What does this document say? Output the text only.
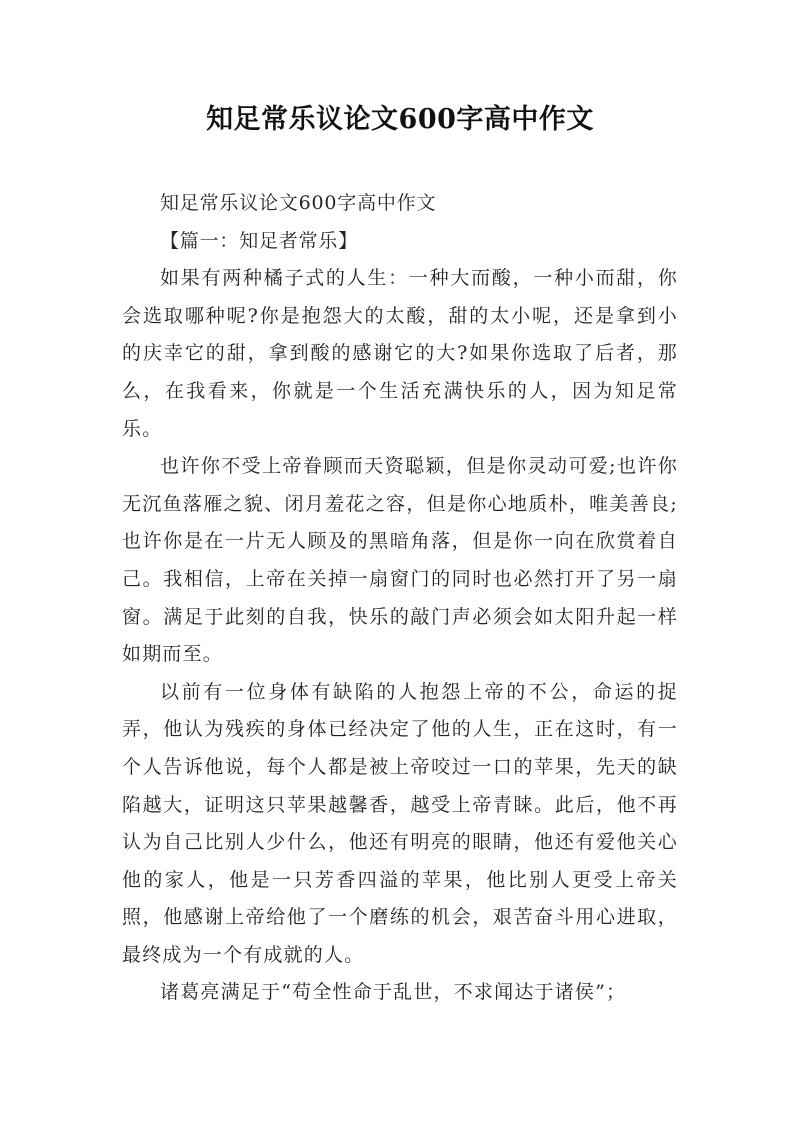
知足常乐议论文600字高中作文

知足常乐议论文600字高中作文

【篇一：知足者常乐】

如果有两种橘子式的人生：一种大而酸，一种小而甜，你会选取哪种呢?你是抱怨大的太酸，甜的太小呢，还是拿到小的庆幸它的甜，拿到酸的感谢它的大?如果你选取了后者，那么，在我看来，你就是一个生活充满快乐的人，因为知足常乐。

也许你不受上帝眷顾而天资聪颖，但是你灵动可爱;也许你无沉鱼落雁之貌、闭月羞花之容，但是你心地质朴，唯美善良;也许你是在一片无人顾及的黑暗角落，但是你一向在欣赏着自己。我相信，上帝在关掉一扇窗门的同时也必然打开了另一扇窗。满足于此刻的自我，快乐的敲门声必须会如太阳升起一样如期而至。

以前有一位身体有缺陷的人抱怨上帝的不公，命运的捉弄，他认为残疾的身体已经决定了他的人生，正在这时，有一个人告诉他说，每个人都是被上帝咬过一口的苹果，先天的缺陷越大，证明这只苹果越馨香，越受上帝青睐。此后，他不再认为自己比别人少什么，他还有明亮的眼睛，他还有爱他关心他的家人，他是一只芳香四溢的苹果，他比别人更受上帝关照，他感谢上帝给他了一个磨练的机会，艰苦奋斗用心进取，最终成为一个有成就的人。

诸葛亮满足于“苟全性命于乱世，不求闻达于诸侯”；
